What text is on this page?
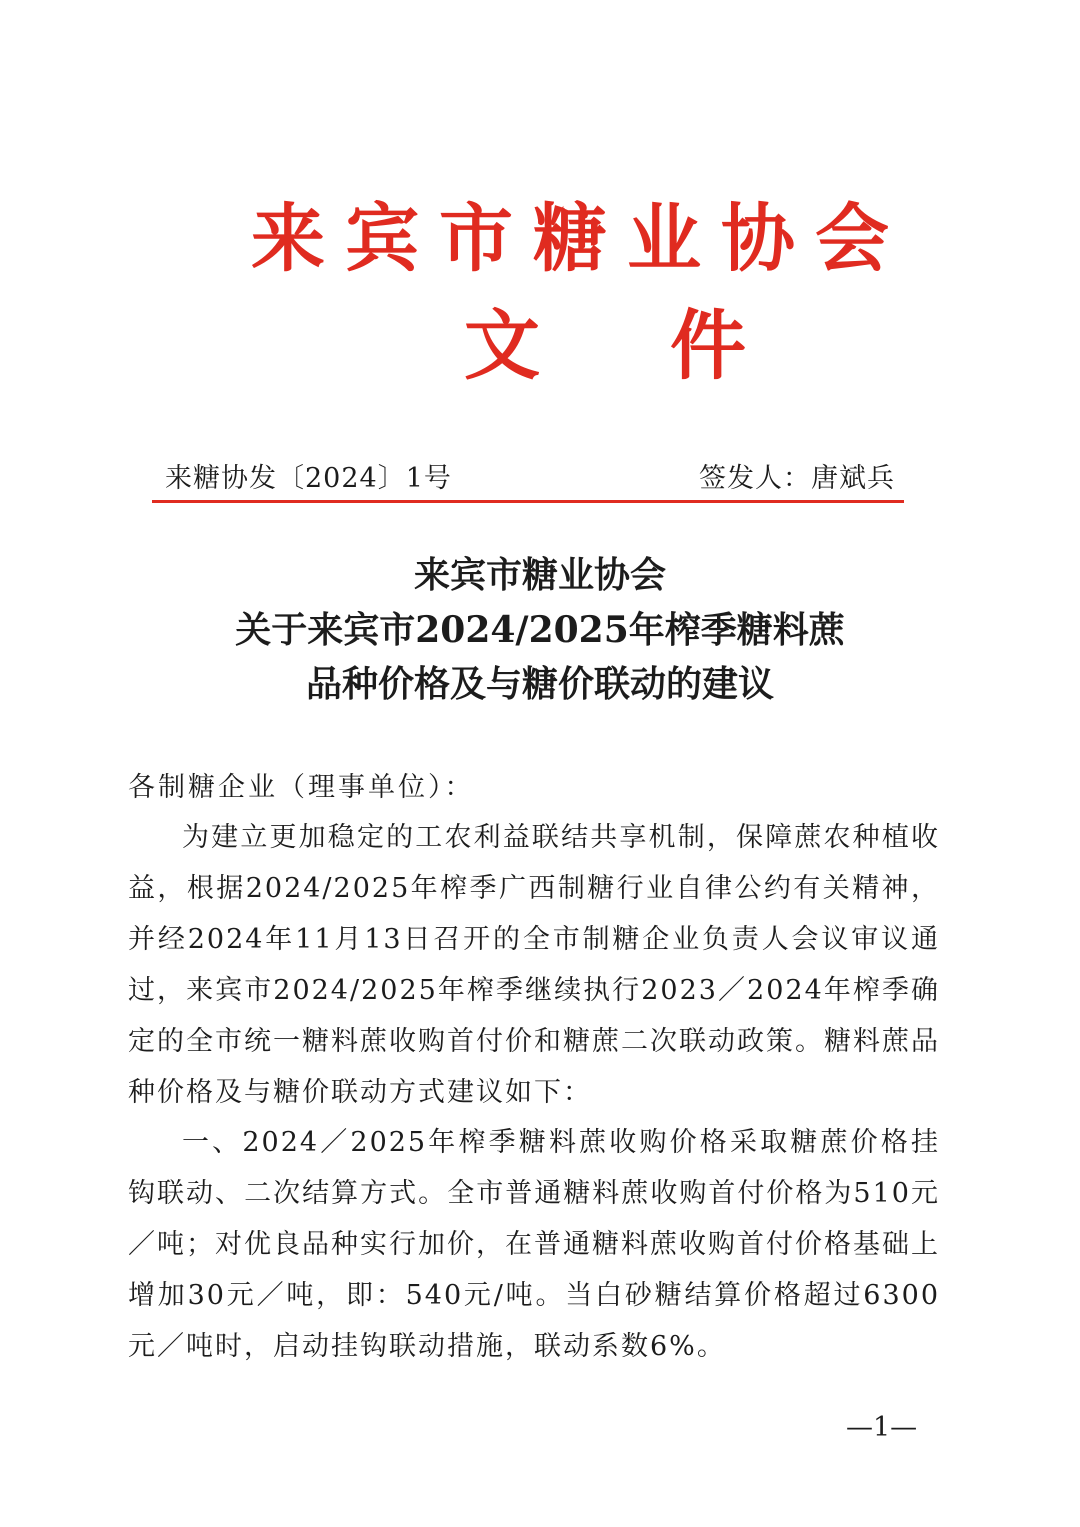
来宾市糖业协会
文件
来糖协发〔2024〕1号	签发人：唐斌兵
来宾市糖业协会
关于来宾市2024/2025年榨季糖料蔗
品种价格及与糖价联动的建议
各制糖企业（理事单位）：

为建立更加稳定的工农利益联结共享机制，保障蔗农种植收益，根据2024/2025年榨季广西制糖行业自律公约有关精神，并经2024年11月13日召开的全市制糖企业负责人会议审议通过，来宾市2024/2025年榨季继续执行2023／2024年榨季确定的全市统一糖料蔗收购首付价和糖蔗二次联动政策。糖料蔗品种价格及与糖价联动方式建议如下：

一、2024／2025年榨季糖料蔗收购价格采取糖蔗价格挂钩联动、二次结算方式。全市普通糖料蔗收购首付价格为510元／吨；对优良品种实行加价，在普通糖料蔗收购首付价格基础上增加30元／吨，即：540元/吨。当白砂糖结算价格超过6300元／吨时，启动挂钩联动措施，联动系数6%。

—1—
